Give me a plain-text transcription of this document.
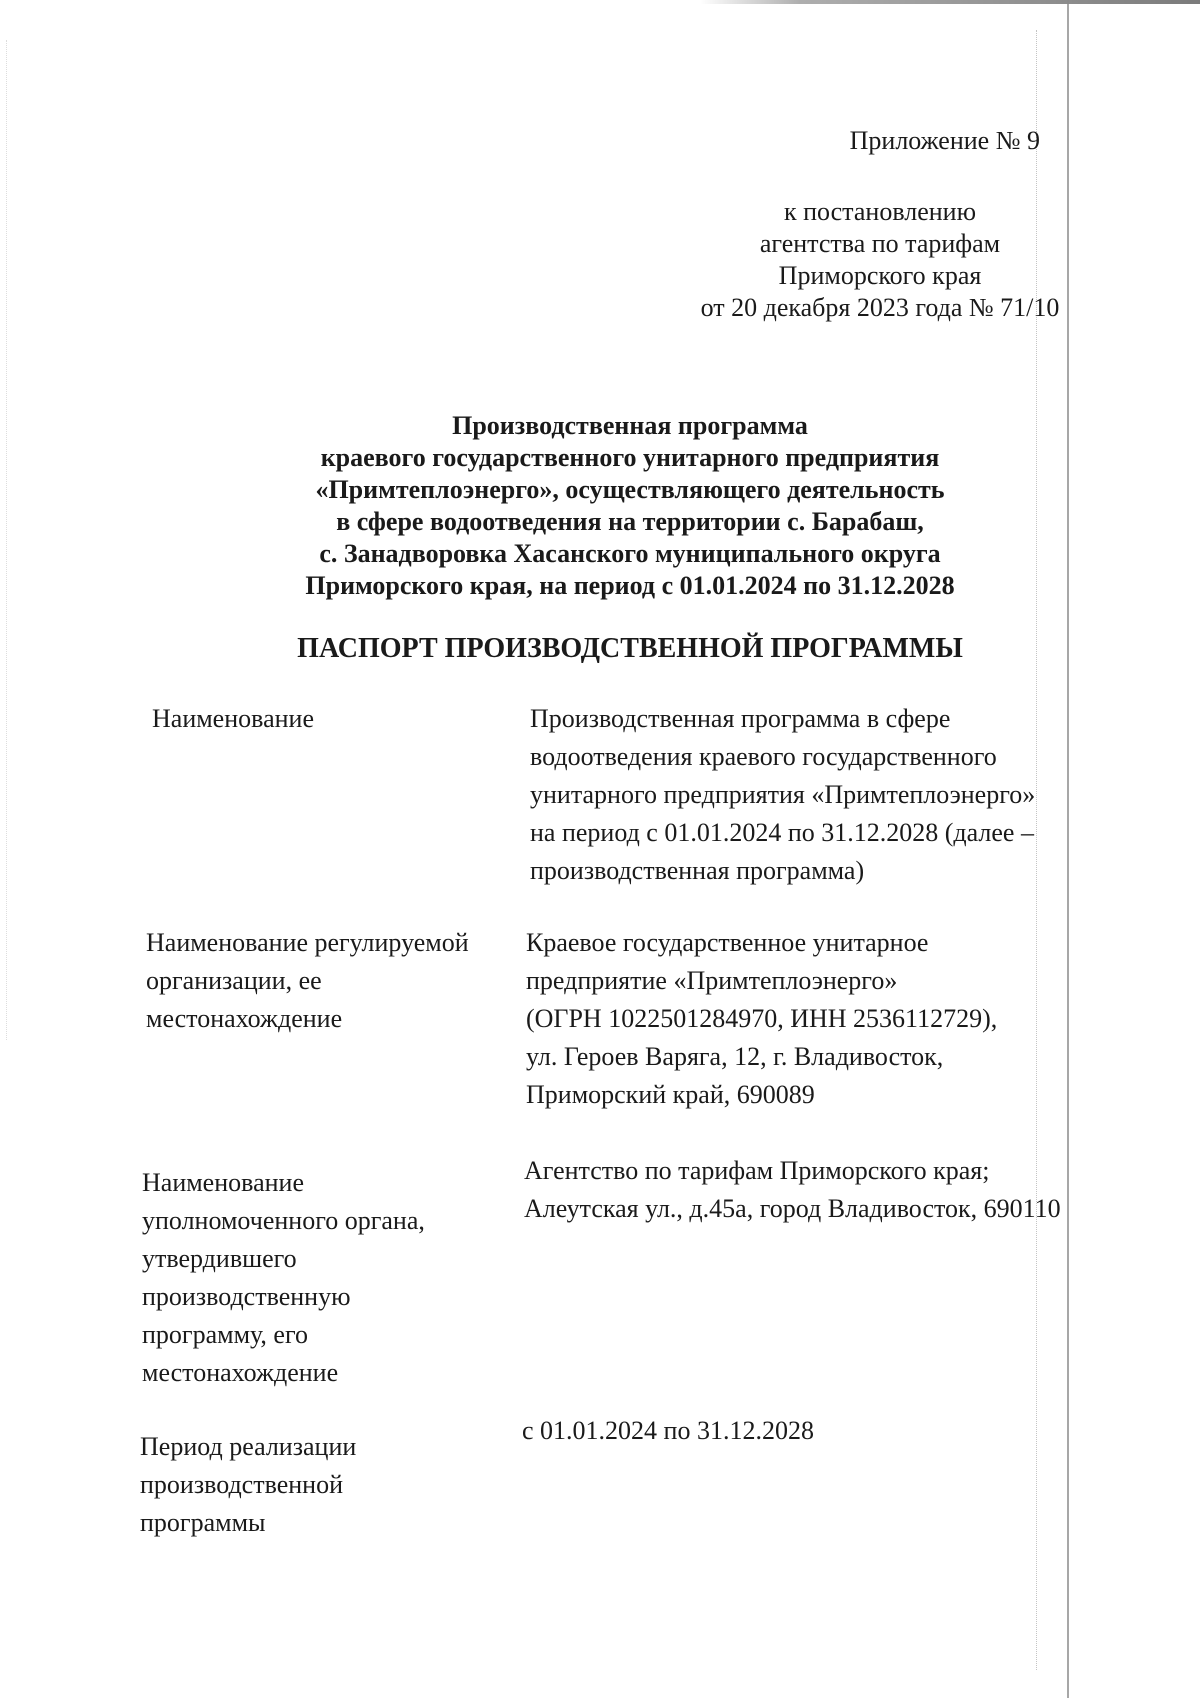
Приложение № 9
к постановлению
агентства по тарифам
Приморского края
от 20 декабря 2023 года № 71/10
Производственная программа
краевого государственного унитарного предприятия
«Примтеплоэнерго», осуществляющего деятельность
в сфере водоотведения на территории с. Барабаш,
с. Занадворовка Хасанского муниципального округа
Приморского края, на период с 01.01.2024 по 31.12.2028
ПАСПОРТ ПРОИЗВОДСТВЕННОЙ ПРОГРАММЫ
Наименование	Производственная программа в сфере
водоотведения краевого государственного
унитарного предприятия «Примтеплоэнерго»
на период с 01.01.2024 по 31.12.2028 (далее –
производственная программа)
Наименование регулируемой
организации, ее
местонахождение
Краевое государственное унитарное
предприятие «Примтеплоэнерго»
(ОГРН 1022501284970, ИНН 2536112729),
ул. Героев Варяга, 12, г. Владивосток,
Приморский край, 690089
Наименование
уполномоченного органа,
утвердившего
производственную
программу, его
местонахождение
Агентство по тарифам Приморского края;
Алеутская ул., д.45а, город Владивосток, 690110
Период реализации
производственной
программы
с 01.01.2024 по 31.12.2028
